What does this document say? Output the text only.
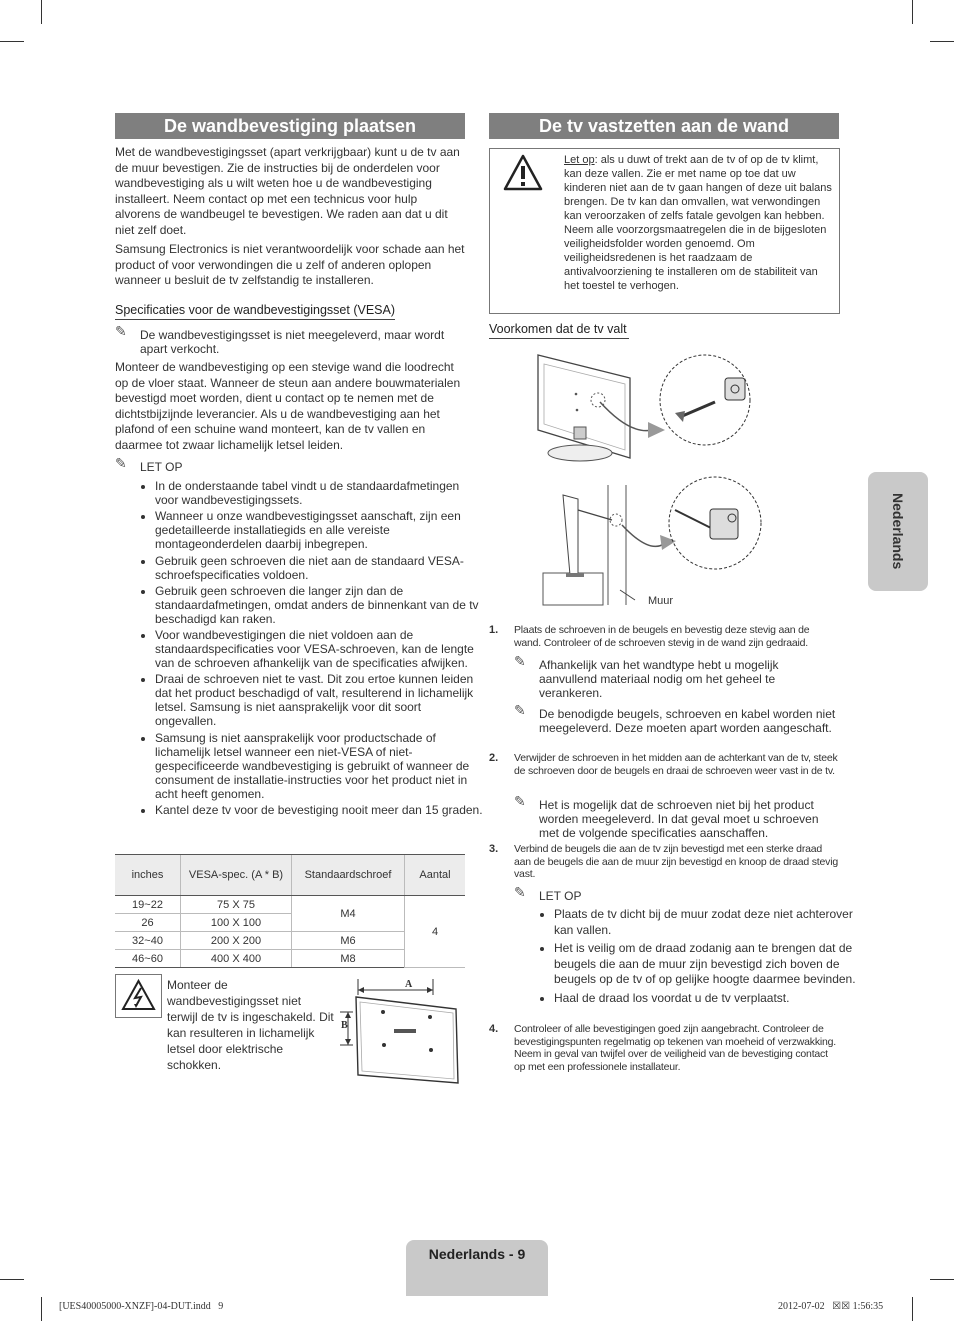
De wandbevestiging plaatsen
Met de wandbevestigingsset (apart verkrijgbaar) kunt u de tv aan de muur bevestigen. Zie de instructies bij de onderdelen voor wandbevestiging als u wilt weten hoe u de wandbevestiging installeert. Neem contact op met een technicus voor hulp alvorens de wandbeugel te bevestigen. We raden aan dat u dit niet zelf doet.
Samsung Electronics is niet verantwoordelijk voor schade aan het product of voor verwondingen die u zelf of anderen oplopen wanneer u besluit de tv zelfstandig te installeren.
Specificaties voor de wandbevestigingsset (VESA)
✎ De wandbevestigingsset is niet meegeleverd, maar wordt apart verkocht.
Monteer de wandbevestiging op een stevige wand die loodrecht op de vloer staat. Wanneer de steun aan andere bouwmaterialen bevestigd moet worden, dient u contact op te nemen met de dichtstbijzijnde leverancier. Als u de wandbevestiging aan het plafond of een schuine wand monteert, kan de tv vallen en daarmee tot zwaar lichamelijk letsel leiden.
✎ LET OP
• In de onderstaande tabel vindt u de standaardafmetingen voor wandbevestigingssets.
• Wanneer u onze wandbevestigingsset aanschaft, zijn een gedetailleerde installatiegids en alle vereiste montageonderdelen daarbij inbegrepen.
• Gebruik geen schroeven die niet aan de standaard VESA-schroefspecificaties voldoen.
• Gebruik geen schroeven die langer zijn dan de standaardafmetingen, omdat anders de binnenkant van de tv beschadigd kan raken.
• Voor wandbevestigingen die niet voldoen aan de standaardspecificaties voor VESA-schroeven, kan de lengte van de schroeven afhankelijk van de specificaties afwijken.
• Draai de schroeven niet te vast. Dit zou ertoe kunnen leiden dat het product beschadigd of valt, resulterend in lichamelijk letsel. Samsung is niet aansprakelijk voor dit soort ongevallen.
• Samsung is niet aansprakelijk voor productschade of lichamelijk letsel wanneer een niet-VESA of niet-gespecificeerde wandbevestiging is gebruikt of wanneer de consument de installatie-instructies voor het product niet in acht heeft genomen.
• Kantel deze tv voor de bevestiging nooit meer dan 15 graden.
inches	VESA-spec. (A * B)	Standaardschroef	Aantal
19~22	75 X 75	M4	4
26	100 X 100		
32~40	200 X 200	M6	
46~60	400 X 400	M8	
Monteer de wandbevestigingsset niet terwijl de tv is ingeschakeld. Dit kan resulteren in lichamelijk letsel door elektrische schokken.
A
B
De tv vastzetten aan de wand
Let op: als u duwt of trekt aan de tv of op de tv klimt, kan deze vallen. Zie er met name op toe dat uw kinderen niet aan de tv gaan hangen of deze uit balans brengen. De tv kan dan omvallen, wat verwondingen kan veroorzaken of zelfs fatale gevolgen kan hebben. Neem alle voorzorgsmaatregelen die in de bijgesloten veiligheidsfolder worden genoemd. Om veiligheidsredenen is het raadzaam de antivalvoorziening te installeren om de stabiliteit van het toestel te verhogen.
Voorkomen dat de tv valt
Muur
1. Plaats de schroeven in de beugels en bevestig deze stevig aan de wand. Controleer of de schroeven stevig in de wand zijn gedraaid.
✎ Afhankelijk van het wandtype hebt u mogelijk aanvullend materiaal nodig om het geheel te verankeren.
✎ De benodigde beugels, schroeven en kabel worden niet meegeleverd. Deze moeten apart worden aangeschaft.
2. Verwijder de schroeven in het midden aan de achterkant van de tv, steek de schroeven door de beugels en draai de schroeven weer vast in de tv.
✎ Het is mogelijk dat de schroeven niet bij het product worden meegeleverd. In dat geval moet u schroeven met de volgende specificaties aanschaffen.
3. Verbind de beugels die aan de tv zijn bevestigd met een sterke draad aan de beugels die aan de muur zijn bevestigd en knoop de draad stevig vast.
✎ LET OP
• Plaats de tv dicht bij de muur zodat deze niet achterover kan vallen.
• Het is veilig om de draad zodanig aan te brengen dat de beugels die aan de muur zijn bevestigd zich boven de beugels op de tv of op gelijke hoogte daarmee bevinden.
• Haal de draad los voordat u de tv verplaatst.
4. Controleer of alle bevestigingen goed zijn aangebracht. Controleer de bevestigingspunten regelmatig op tekenen van moeheid of verzwakking. Neem in geval van twijfel over de veiligheid van de bevestiging contact op met een professionele installateur.
Nederlands
Nederlands - 9
[UES40005000-XNZF]-04-DUT.indd   9	2012-07-02   ☒☒ 1:56:35
